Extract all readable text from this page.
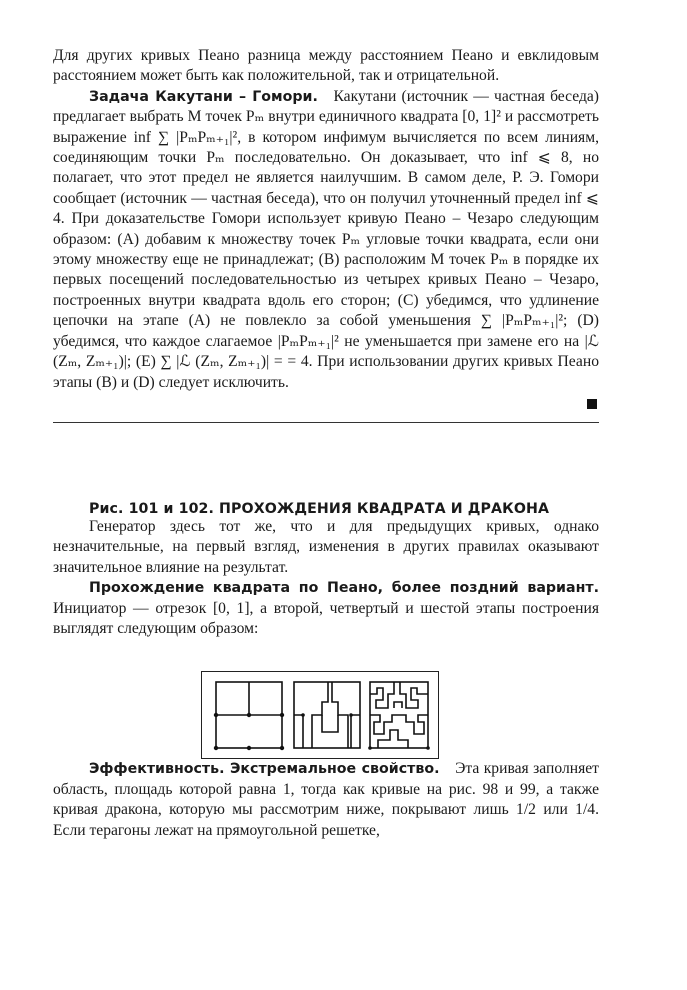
Для других кривых Пеано разница между расстоянием Пеано и евклидовым расстоянием может быть как положительной, так и отрицательной.

Задача Какутани – Гомори.  Какутани (источник — частная беседа) предлагает выбрать M точек Pₘ внутри единичного квадрата [0, 1]² и рассмотреть выражение inf ∑ |PₘPₘ₊₁|², в котором инфимум вычисляется по всем линиям, соединяющим точки Pₘ последовательно. Он доказывает, что inf ⩽ 8, но полагает, что этот предел не является наилучшим. В самом деле, Р. Э. Гомори сообщает (источник — частная беседа), что он получил уточненный предел inf ⩽ 4. При доказательстве Гомори использует кривую Пеано – Чезаро следующим образом: (A) добавим к множеству точек Pₘ угловые точки квадрата, если они этому множеству еще не принадлежат; (B) расположим M точек Pₘ в порядке их первых посещений последовательностью из четырех кривых Пеано – Чезаро, построенных внутри квадрата вдоль его сторон; (C) убедимся, что удлинение цепочки на этапе (A) не повлекло за собой уменьшения ∑ |PₘPₘ₊₁|²; (D) убедимся, что каждое слагаемое |PₘPₘ₊₁|² не уменьшается при замене его на |ℒ (Zₘ, Zₘ₊₁)|; (E) ∑ |ℒ (Zₘ, Zₘ₊₁)| = = 4. При использовании других кривых Пеано этапы (B) и (D) следует исключить.

Рис. 101 и 102. ПРОХОЖДЕНИЯ КВАДРАТА И ДРАКОНА

Генератор здесь тот же, что и для предыдущих кривых, однако незначительные, на первый взгляд, изменения в других правилах оказывают значительное влияние на результат.

Прохождение квадрата по Пеано, более поздний вариант. Инициатор — отрезок [0, 1], а второй, четвертый и шестой этапы построения выглядят следующим образом:

Эффективность. Экстремальное свойство.  Эта кривая заполняет область, площадь которой равна 1, тогда как кривые на рис. 98 и 99, а также кривая дракона, которую мы рассмотрим ниже, покрывают лишь 1/2 или 1/4. Если терагоны лежат на прямоугольной решетке,
